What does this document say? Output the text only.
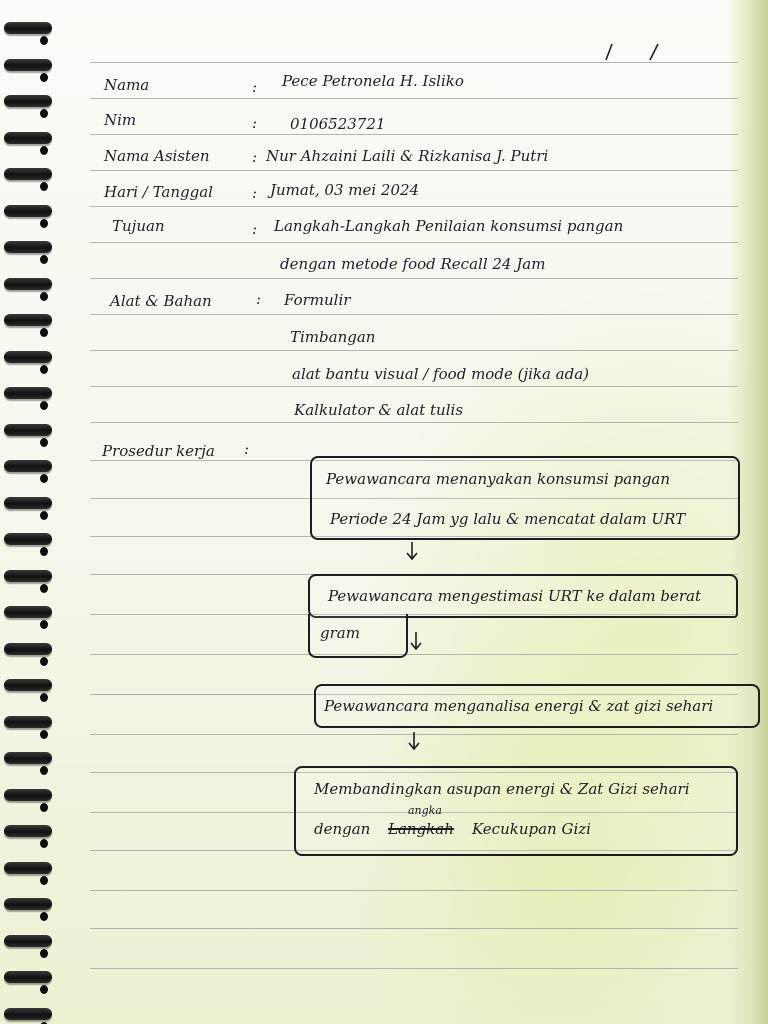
Nama	: Pece Petronela H. Isliko
Nim	: 0106523721
Nama Asisten	: Nur Ahzaini Laili & Rizkanisa J. Putri
Hari / Tanggal	: Jumat, 03 mei 2024
Tujuan	: Langkah-Langkah Penilaian konsumsi pangan
dengan metode food Recall 24 Jam
Alat & Bahan	: Formulir
Timbangan
alat bantu visual / food mode (jika ada)
Kalkulator & alat tulis
Prosedur kerja :
Pewawancara menanyakan konsumsi pangan
Periode 24 Jam yg lalu & mencatat dalam URT
Pewawancara mengestimasi URT ke dalam berat
gram
Pewawancara menganalisa energi & zat gizi sehari
Membandingkan asupan energi & Zat Gizi sehari
dengan Langkah
angka
Kecukupan Gizi
